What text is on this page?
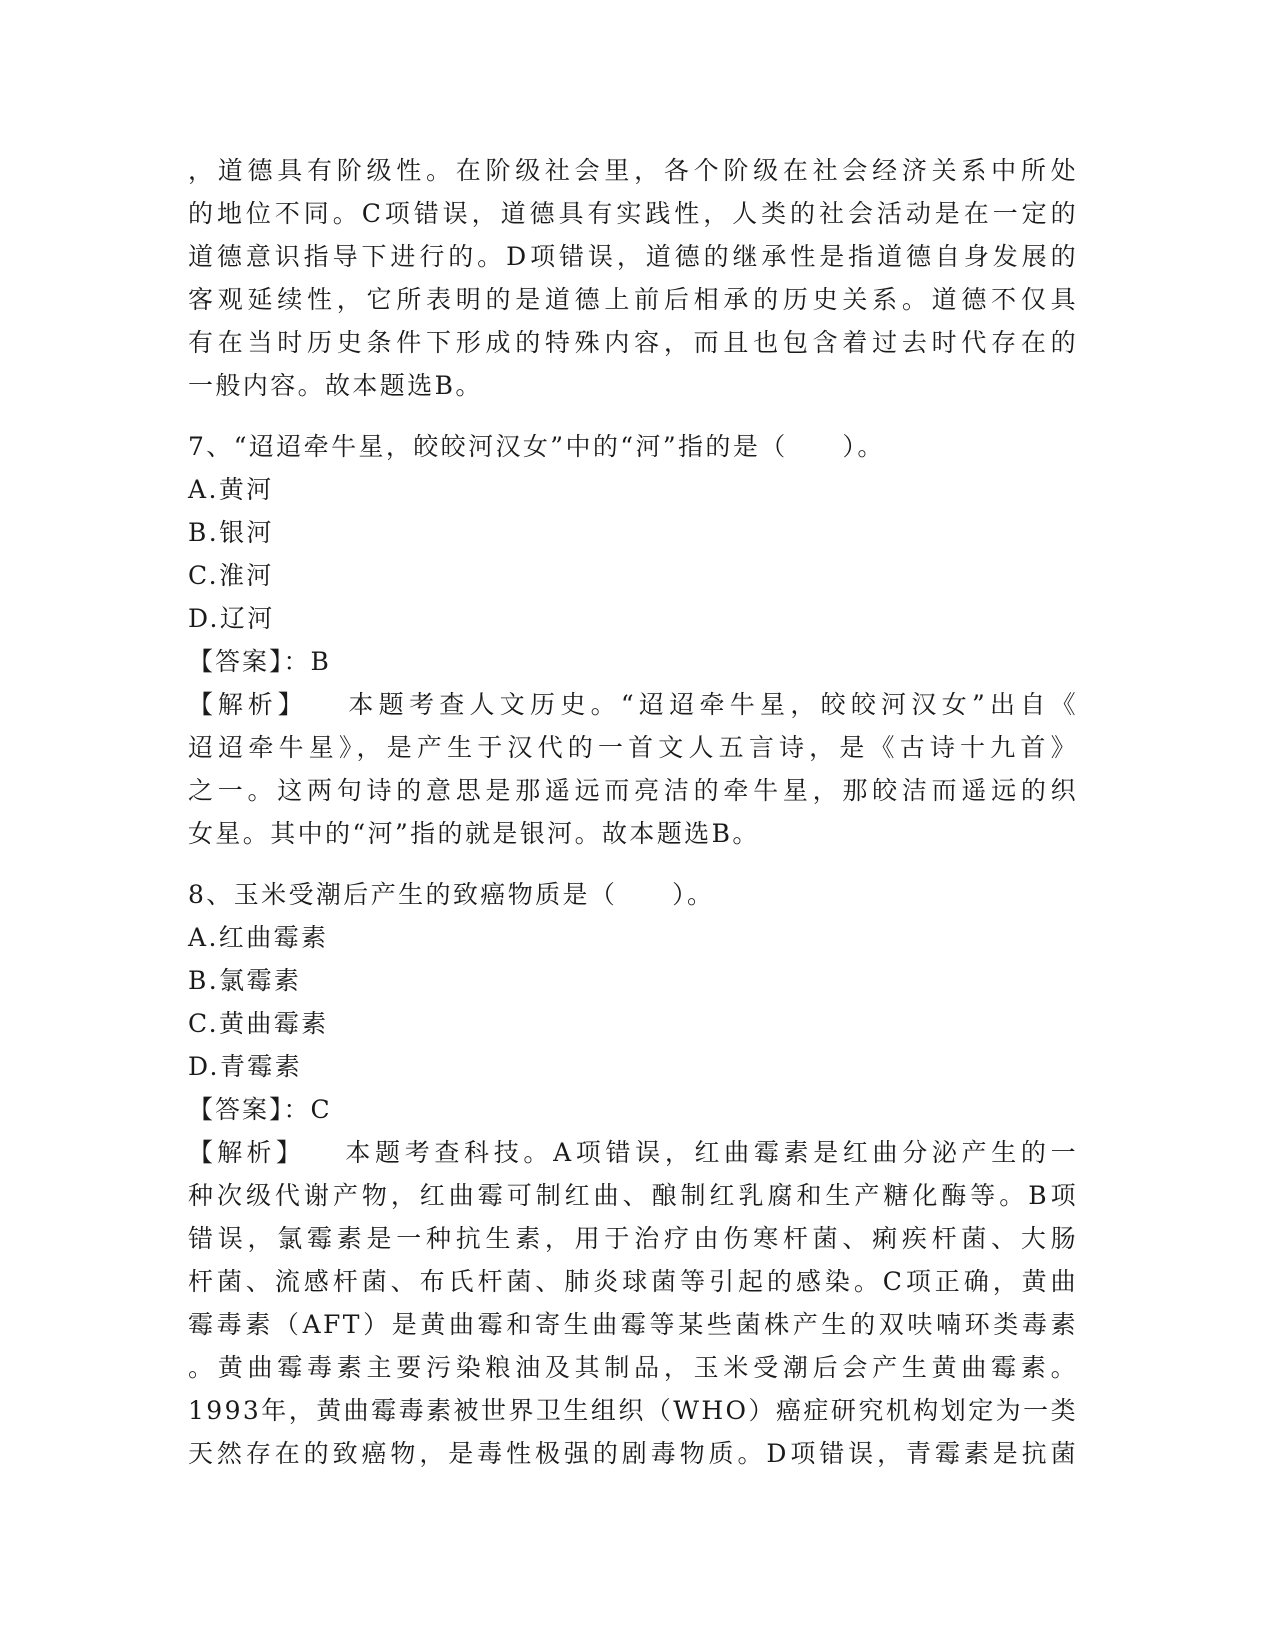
，道德具有阶级性。在阶级社会里，各个阶级在社会经济关系中所处
的地位不同。C项错误，道德具有实践性，人类的社会活动是在一定的
道德意识指导下进行的。D项错误，道德的继承性是指道德自身发展的
客观延续性，它所表明的是道德上前后相承的历史关系。道德不仅具
有在当时历史条件下形成的特殊内容，而且也包含着过去时代存在的
一般内容。故本题选B。
7、“迢迢牵牛星，皎皎河汉女”中的“河”指的是（　　）。
A.黄河
B.银河
C.淮河
D.辽河
【答案】：B
【解析】 本题考查人文历史。“迢迢牵牛星，皎皎河汉女”出自《
迢迢牵牛星》，是产生于汉代的一首文人五言诗，是《古诗十九首》
之一。这两句诗的意思是那遥远而亮洁的牵牛星，那皎洁而遥远的织
女星。其中的“河”指的就是银河。故本题选B。
8、玉米受潮后产生的致癌物质是（　　）。
A.红曲霉素
B.氯霉素
C.黄曲霉素
D.青霉素
【答案】：C
【解析】 本题考查科技。A项错误，红曲霉素是红曲分泌产生的一
种次级代谢产物，红曲霉可制红曲、酿制红乳腐和生产糖化酶等。B项
错误，氯霉素是一种抗生素，用于治疗由伤寒杆菌、痢疾杆菌、大肠
杆菌、流感杆菌、布氏杆菌、肺炎球菌等引起的感染。C项正确，黄曲
霉毒素（AFT）是黄曲霉和寄生曲霉等某些菌株产生的双呋喃环类毒素
。黄曲霉毒素主要污染粮油及其制品，玉米受潮后会产生黄曲霉素。
1993年，黄曲霉毒素被世界卫生组织（WHO）癌症研究机构划定为一类
天然存在的致癌物，是毒性极强的剧毒物质。D项错误，青霉素是抗菌
